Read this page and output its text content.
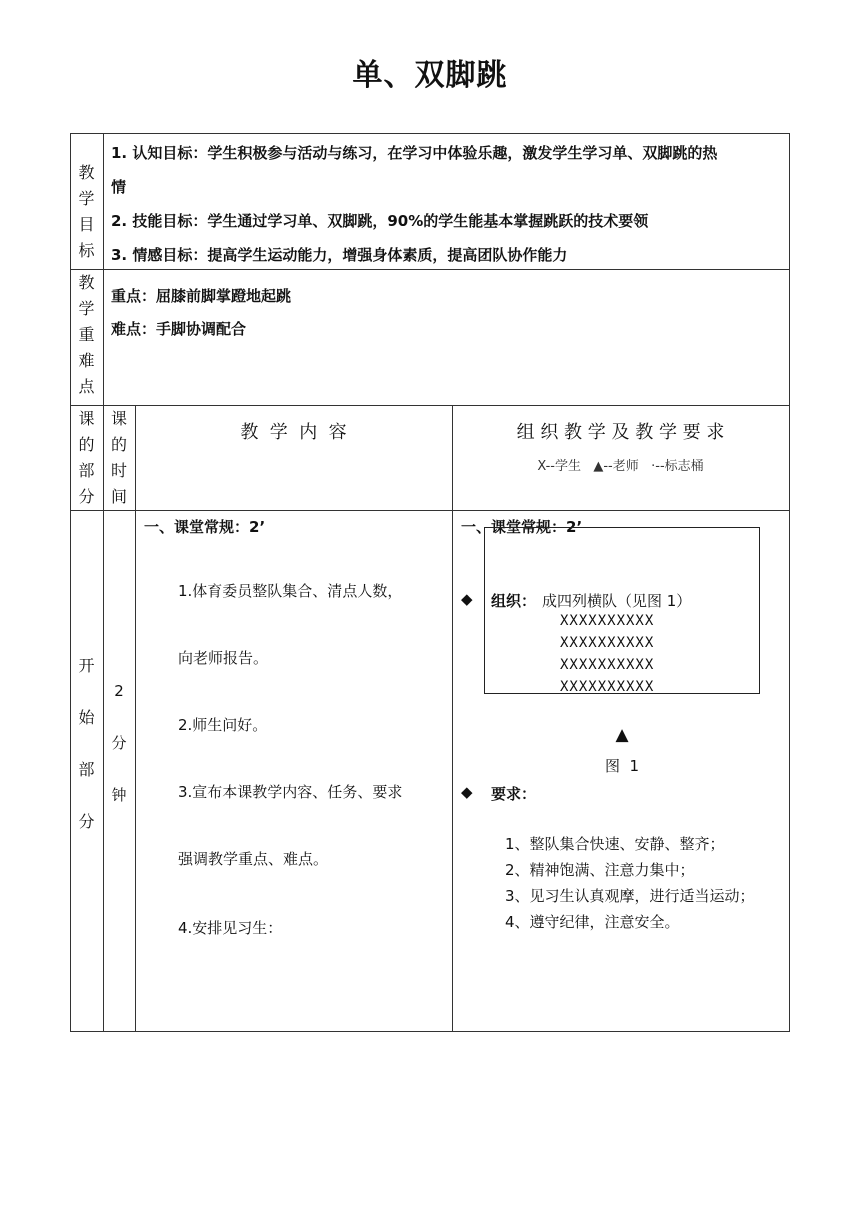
单、双脚跳
教
学
目
标
1. 认知目标：学生积极参与活动与练习，在学习中体验乐趣，激发学生学习单、双脚跳的热
情
2. 技能目标：学生通过学习单、双脚跳，90%的学生能基本掌握跳跃的技术要领
3. 情感目标：提高学生运动能力，增强身体素质，提高团队协作能力
教
学
重
难
点
重点：屈膝前脚掌蹬地起跳
难点：手脚协调配合
课
的
部
分
课
的
时
间
教  学  内  容	组 织 教 学 及 教 学 要 求
X--学生   ▲--老师   ·--标志桶
开
始
部
分
2
分
钟
一、课堂常规：2’
1.体育委员整队集合、清点人数，
向老师报告。
2.师生问好。
3.宣布本课教学内容、任务、要求
强调教学重点、难点。
4.安排见习生：
一、课堂常规：2’
◆ 组织： 成四列横队（见图 1）
XXXXXXXXXX
XXXXXXXXXX
XXXXXXXXXX
XXXXXXXXXX
▲
图  1
◆ 要求：
1、整队集合快速、安静、整齐；
2、精神饱满、注意力集中；
3、见习生认真观摩，进行适当运动；
4、遵守纪律，注意安全。
